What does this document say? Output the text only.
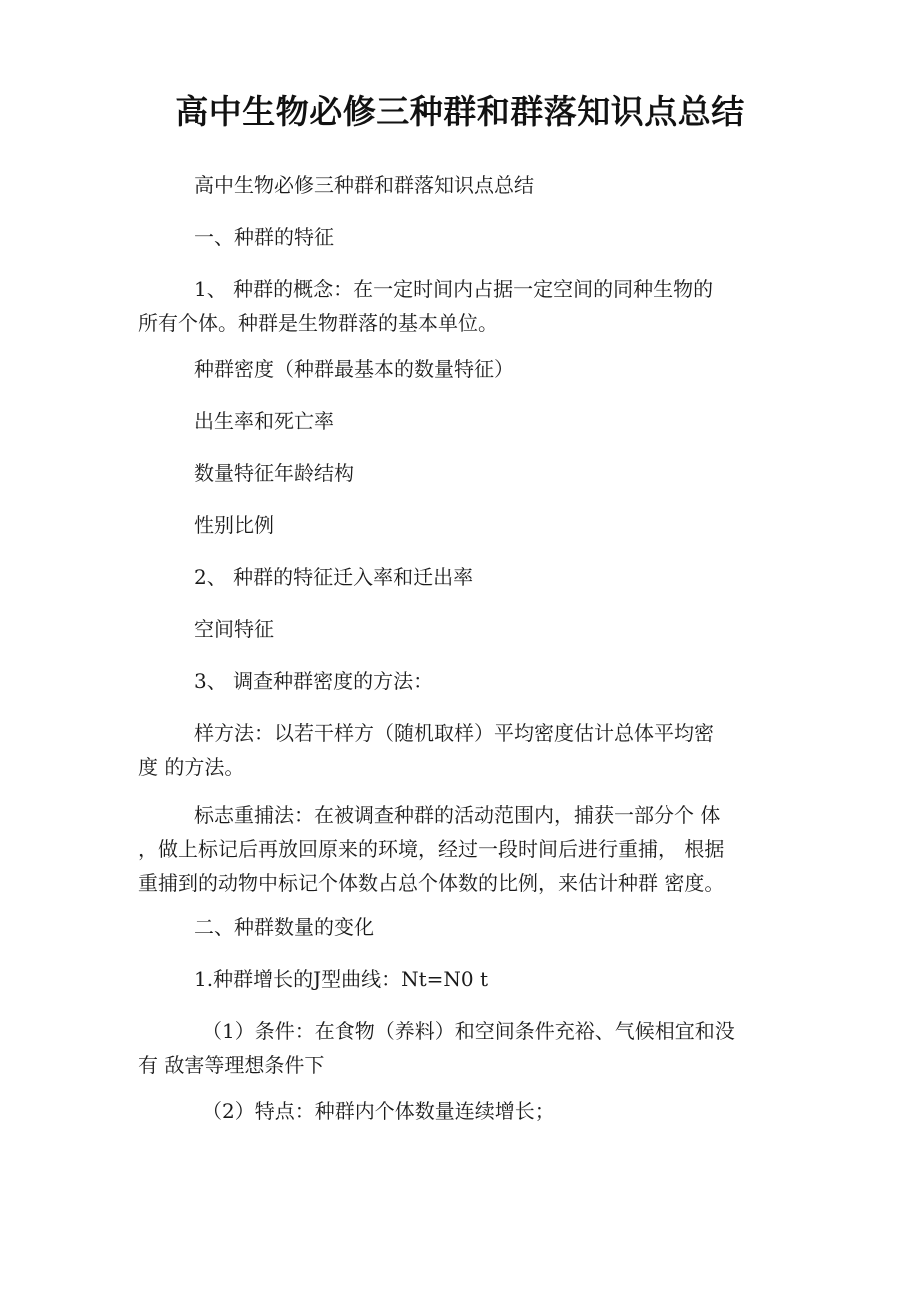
高中生物必修三种群和群落知识点总结
高中生物必修三种群和群落知识点总结
一、种群的特征
1、 种群的概念：在一定时间内占据一定空间的同种生物的
所有个体。种群是生物群落的基本单位。
种群密度（种群最基本的数量特征）
出生率和死亡率
数量特征年龄结构
性别比例
2、 种群的特征迁入率和迁出率
空间特征
3、 调查种群密度的方法：
样方法：以若干样方（随机取样）平均密度估计总体平均密
度 的方法。
标志重捕法：在被调查种群的活动范围内，捕获一部分个 体
，做上标记后再放回原来的环境，经过一段时间后进行重捕， 根据
重捕到的动物中标记个体数占总个体数的比例，来估计种群 密度。
二、种群数量的变化
1.种群增长的J型曲线：Nt=N0 t
（1）条件：在食物（养料）和空间条件充裕、气候相宜和没
有 敌害等理想条件下
（2）特点：种群内个体数量连续增长；
